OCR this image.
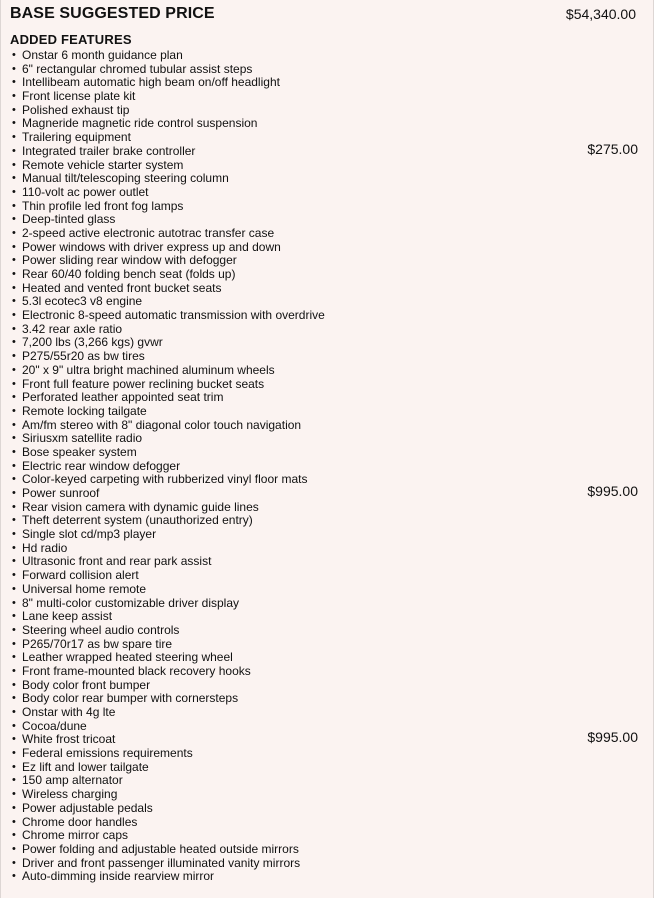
BASE SUGGESTED PRICE	$54,340.00
ADDED FEATURES
• Onstar 6 month guidance plan
• 6" rectangular chromed tubular assist steps
• Intellibeam automatic high beam on/off headlight
• Front license plate kit
• Polished exhaust tip
• Magneride magnetic ride control suspension
• Trailering equipment
• Integrated trailer brake controller	$275.00
• Remote vehicle starter system
• Manual tilt/telescoping steering column
• 110-volt ac power outlet
• Thin profile led front fog lamps
• Deep-tinted glass
• 2-speed active electronic autotrac transfer case
• Power windows with driver express up and down
• Power sliding rear window with defogger
• Rear 60/40 folding bench seat (folds up)
• Heated and vented front bucket seats
• 5.3l ecotec3 v8 engine
• Electronic 8-speed automatic transmission with overdrive
• 3.42 rear axle ratio
• 7,200 lbs (3,266 kgs) gvwr
• P275/55r20 as bw tires
• 20" x 9" ultra bright machined aluminum wheels
• Front full feature power reclining bucket seats
• Perforated leather appointed seat trim
• Remote locking tailgate
• Am/fm stereo with 8" diagonal color touch navigation
• Siriusxm satellite radio
• Bose speaker system
• Electric rear window defogger
• Color-keyed carpeting with rubberized vinyl floor mats
• Power sunroof	$995.00
• Rear vision camera with dynamic guide lines
• Theft deterrent system (unauthorized entry)
• Single slot cd/mp3 player
• Hd radio
• Ultrasonic front and rear park assist
• Forward collision alert
• Universal home remote
• 8" multi-color customizable driver display
• Lane keep assist
• Steering wheel audio controls
• P265/70r17 as bw spare tire
• Leather wrapped heated steering wheel
• Front frame-mounted black recovery hooks
• Body color front bumper
• Body color rear bumper with cornersteps
• Onstar with 4g lte
• Cocoa/dune
• White frost tricoat	$995.00
• Federal emissions requirements
• Ez lift and lower tailgate
• 150 amp alternator
• Wireless charging
• Power adjustable pedals
• Chrome door handles
• Chrome mirror caps
• Power folding and adjustable heated outside mirrors
• Driver and front passenger illuminated vanity mirrors
• Auto-dimming inside rearview mirror
